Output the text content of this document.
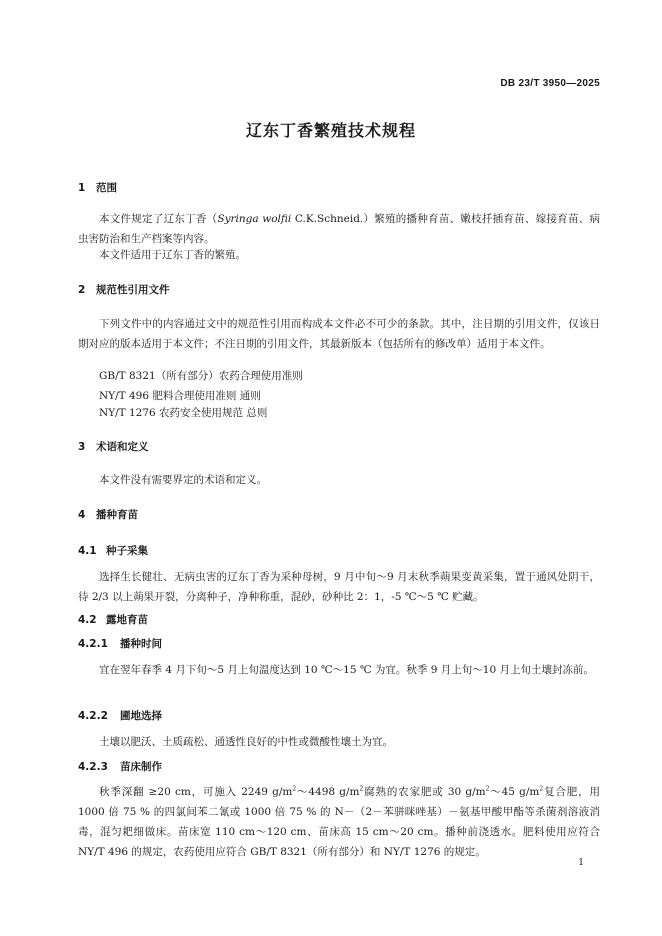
DB 23/T 3950—2025
辽东丁香繁殖技术规程
1 范围

本文件规定了辽东丁香（Syringa wolfii C.K.Schneid.）繁殖的播种育苗、嫩枝扦插育苗、嫁接育苗、病虫害防治和生产档案等内容。

本文件适用于辽东丁香的繁殖。

2 规范性引用文件

下列文件中的内容通过文中的规范性引用而构成本文件必不可少的条款。其中，注日期的引用文件，仅该日期对应的版本适用于本文件；不注日期的引用文件，其最新版本（包括所有的修改单）适用于本文件。

GB/T 8321（所有部分）农药合理使用准则

NY/T 496 肥料合理使用准则 通则

NY/T 1276 农药安全使用规范 总则

3 术语和定义

本文件没有需要界定的术语和定义。

4 播种育苗
4.1 种子采集

选择生长健壮、无病虫害的辽东丁香为采种母树，9 月中旬～9 月末秋季蒴果变黄采集，置于通风处阴干，待 2/3 以上蒴果开裂，分离种子，净种称重，混砂，砂种比 2：1，-5 ℃～5 ℃ 贮藏。

4.2 露地育苗
4.2.1 播种时间

宜在翌年春季 4 月下旬～5 月上旬温度达到 10 ℃～15 ℃ 为宜。秋季 9 月上旬～10 月上旬土壤封冻前。

4.2.2 圃地选择

土壤以肥沃、土质疏松、通透性良好的中性或微酸性壤土为宜。

4.2.3 苗床制作

秋季深翻 ≥20 cm，可施入 2249 $g/m^2\sim 4498$ $g/m^2$腐熟的农家肥或 30 $g/m^2\sim 45$ $g/m^2$复合肥，用 1000 倍 75 % 的四氯间苯二氰或 1000 倍 75 % 的 N－（2－苯骈咪唑基）－氨基甲酸甲酯等杀菌剂溶液消毒，混匀耙细做床。苗床宽 110 cm～120 cm、苗床高 15 cm～20 cm。播种前浇透水。肥料使用应符合 NY/T 496 的规定，农药使用应符合 GB/T 8321（所有部分）和 NY/T 1276 的规定。

1
